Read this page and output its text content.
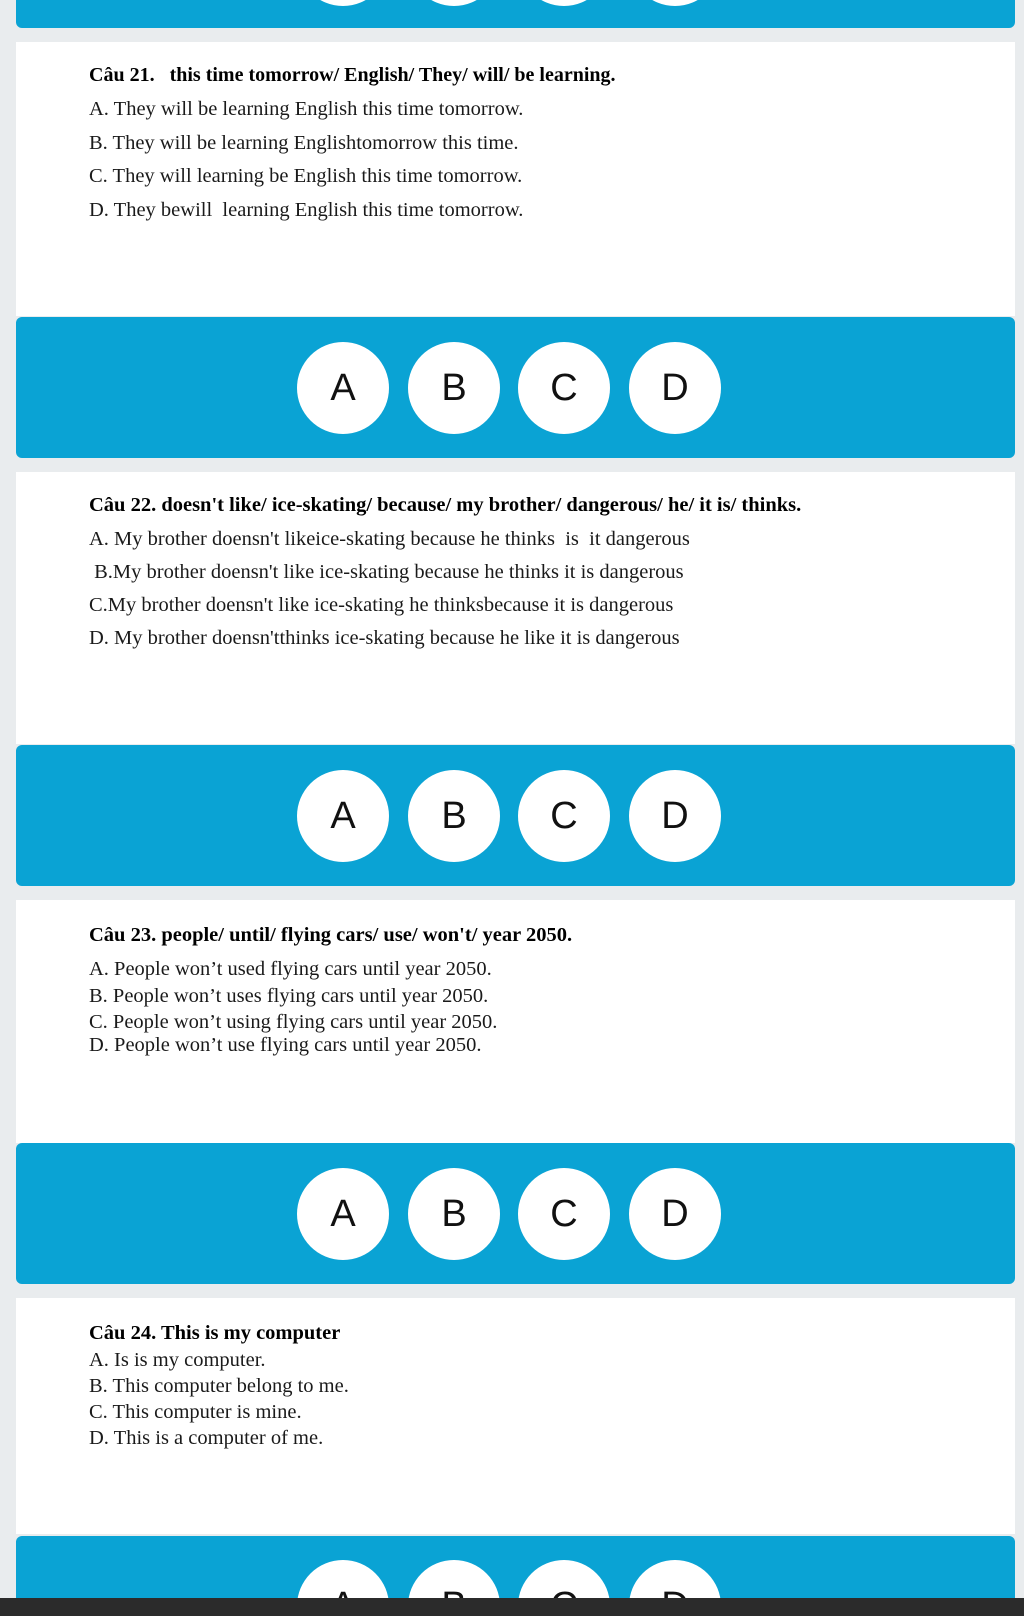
Câu 21.   this time tomorrow/ English/ They/ will/ be learning.
A. They will be learning English this time tomorrow.
B. They will be learning Englishtomorrow this time.
C. They will learning be English this time tomorrow.
D. They bewill  learning English this time tomorrow.
A	B	C	D
Câu 22. doesn't like/ ice-skating/ because/ my brother/ dangerous/ he/ it is/ thinks.
A. My brother doensn't likeice-skating because he thinks  is  it dangerous
B.My brother doensn't like ice-skating because he thinks it is dangerous
C.My brother doensn't like ice-skating he thinksbecause it is dangerous
D. My brother doensn'tthinks ice-skating because he like it is dangerous
A	B	C	D
Câu 23. people/ until/ flying cars/ use/ won't/ year 2050.
A. People won’t used flying cars until year 2050.
B. People won’t uses flying cars until year 2050.
C. People won’t using flying cars until year 2050.
D. People won’t use flying cars until year 2050.
A	B	C	D
Câu 24. This is my computer
A. Is is my computer.
B. This computer belong to me.
C. This computer is mine.
D. This is a computer of me.
